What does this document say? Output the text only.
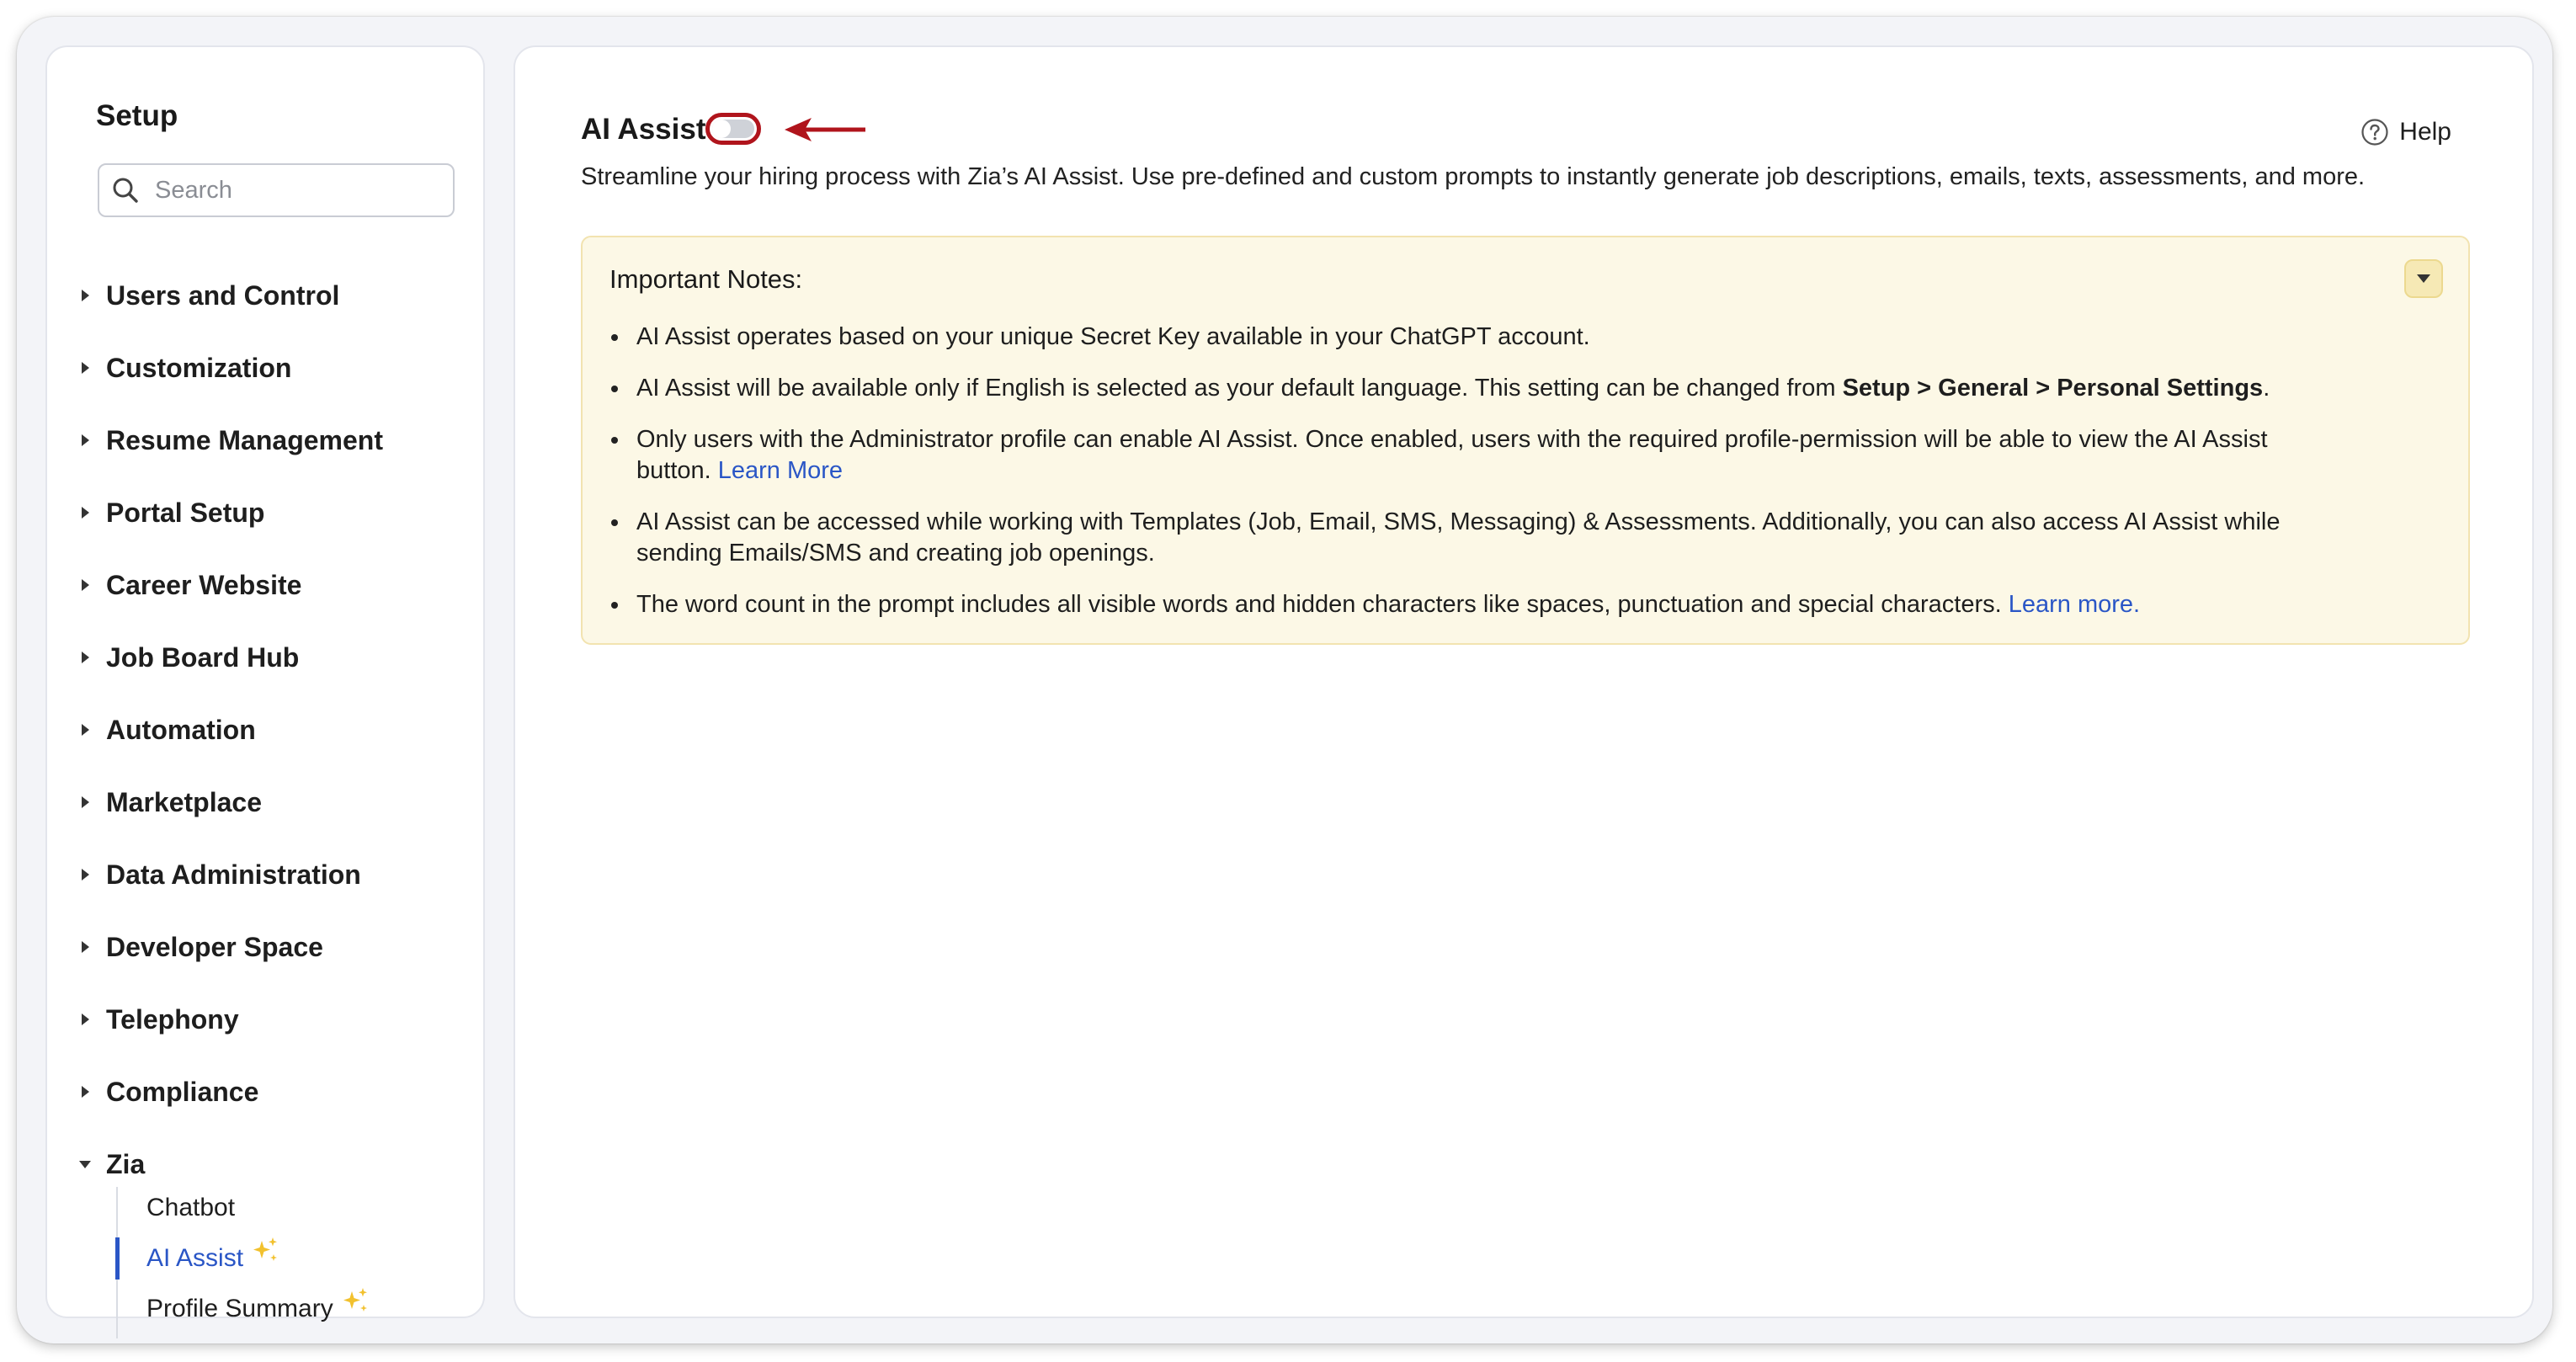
Setup
Search
Users and Control
Customization
Resume Management
Portal Setup
Career Website
Job Board Hub
Automation
Marketplace
Data Administration
Developer Space
Telephony
Compliance
Zia
Chatbot
AI Assist
Profile Summary
AI Assist	Help
Streamline your hiring process with Zia’s AI Assist. Use pre-defined and custom prompts to instantly generate job descriptions, emails, texts, assessments, and more.
Important Notes:
AI Assist operates based on your unique Secret Key available in your ChatGPT account.
AI Assist will be available only if English is selected as your default language. This setting can be changed from Setup > General > Personal Settings.
Only users with the Administrator profile can enable AI Assist. Once enabled, users with the required profile-permission will be able to view the AI Assist button. Learn More
AI Assist can be accessed while working with Templates (Job, Email, SMS, Messaging) & Assessments. Additionally, you can also access AI Assist while sending Emails/SMS and creating job openings.
The word count in the prompt includes all visible words and hidden characters like spaces, punctuation and special characters. Learn more.
